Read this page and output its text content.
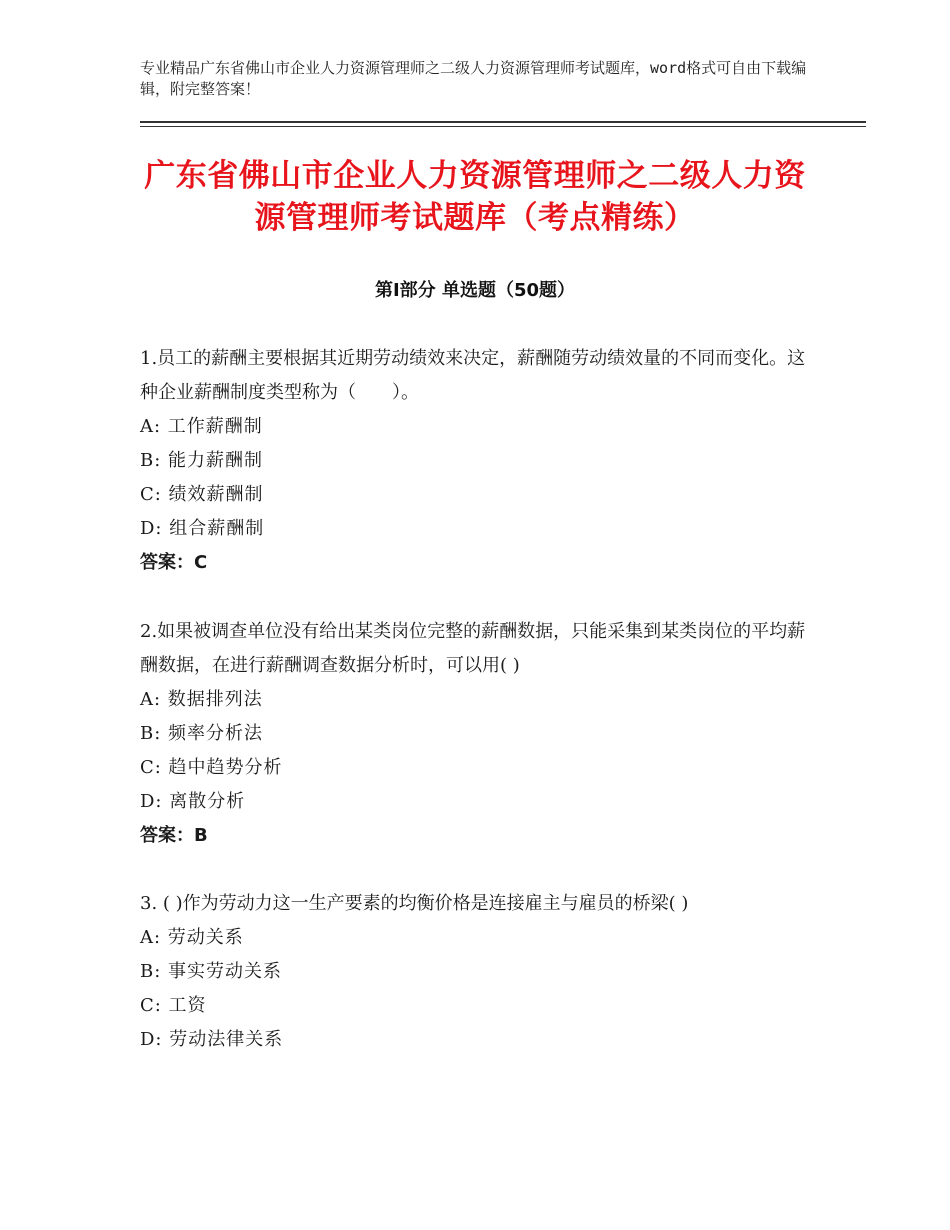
专业精品广东省佛山市企业人力资源管理师之二级人力资源管理师考试题库，word格式可自由下载编辑，附完整答案！
广东省佛山市企业人力资源管理师之二级人力资源管理师考试题库（考点精练）
第Ⅰ部分 单选题（50题）

1.员工的薪酬主要根据其近期劳动绩效来决定，薪酬随劳动绩效量的不同而变化。这种企业薪酬制度类型称为（　　）。

A: 工作薪酬制

B: 能力薪酬制

C: 绩效薪酬制

D: 组合薪酬制

答案：C

2.如果被调查单位没有给出某类岗位完整的薪酬数据，只能采集到某类岗位的平均薪酬数据，在进行薪酬调查数据分析时，可以用( )

A: 数据排列法

B: 频率分析法

C: 趋中趋势分析

D: 离散分析

答案：B

3. ( )作为劳动力这一生产要素的均衡价格是连接雇主与雇员的桥梁( )

A: 劳动关系

B: 事实劳动关系

C: 工资

D: 劳动法律关系
